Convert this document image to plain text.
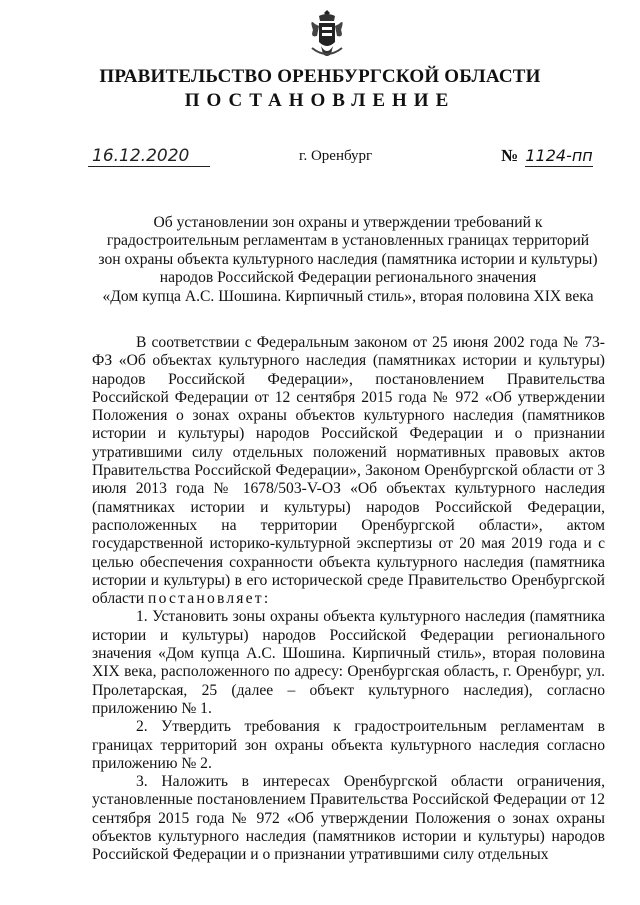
ПРАВИТЕЛЬСТВО ОРЕНБУРГСКОЙ ОБЛАСТИ
ПОСТАНОВЛЕНИЕ
16.12.2020	г. Оренбург	№ 1124-пп
Об установлении зон охраны и утверждении требований к
градостроительным регламентам в установленных границах территорий
зон охраны объекта культурного наследия (памятника истории и культуры)
народов Российской Федерации регионального значения
«Дом купца А.С. Шошина. Кирпичный стиль», вторая половина XIX века

В соответствии с Федеральным законом от 25 июня 2002 года № 73-ФЗ «Об объектах культурного наследия (памятниках истории и культуры) народов Российской Федерации», постановлением Правительства Российской Федерации от 12 сентября 2015 года № 972 «Об утверждении Положения о зонах охраны объектов культурного наследия (памятников истории и культуры) народов Российской Федерации и о признании утратившими силу отдельных положений нормативных правовых актов Правительства Российской Федерации», Законом Оренбургской области от 3 июля 2013 года № 1678/503-V-ОЗ «Об объектах культурного наследия (памятниках истории и культуры) народов Российской Федерации, расположенных на территории Оренбургской области», актом государственной историко-культурной экспертизы от 20 мая 2019 года и с целью обеспечения сохранности объекта культурного наследия (памятника истории и культуры) в его исторической среде Правительство Оренбургской области постановляет:

1. Установить зоны охраны объекта культурного наследия (памятника истории и культуры) народов Российской Федерации регионального значения «Дом купца А.С. Шошина. Кирпичный стиль», вторая половина XIX века, расположенного по адресу: Оренбургская область, г. Оренбург, ул. Пролетарская, 25 (далее – объект культурного наследия), согласно приложению № 1.

2. Утвердить требования к градостроительным регламентам в границах территорий зон охраны объекта культурного наследия согласно приложению № 2.

3. Наложить в интересах Оренбургской области ограничения, установленные постановлением Правительства Российской Федерации от 12 сентября 2015 года № 972 «Об утверждении Положения о зонах охраны объектов культурного наследия (памятников истории и культуры) народов Российской Федерации и о признании утратившими силу отдельных
